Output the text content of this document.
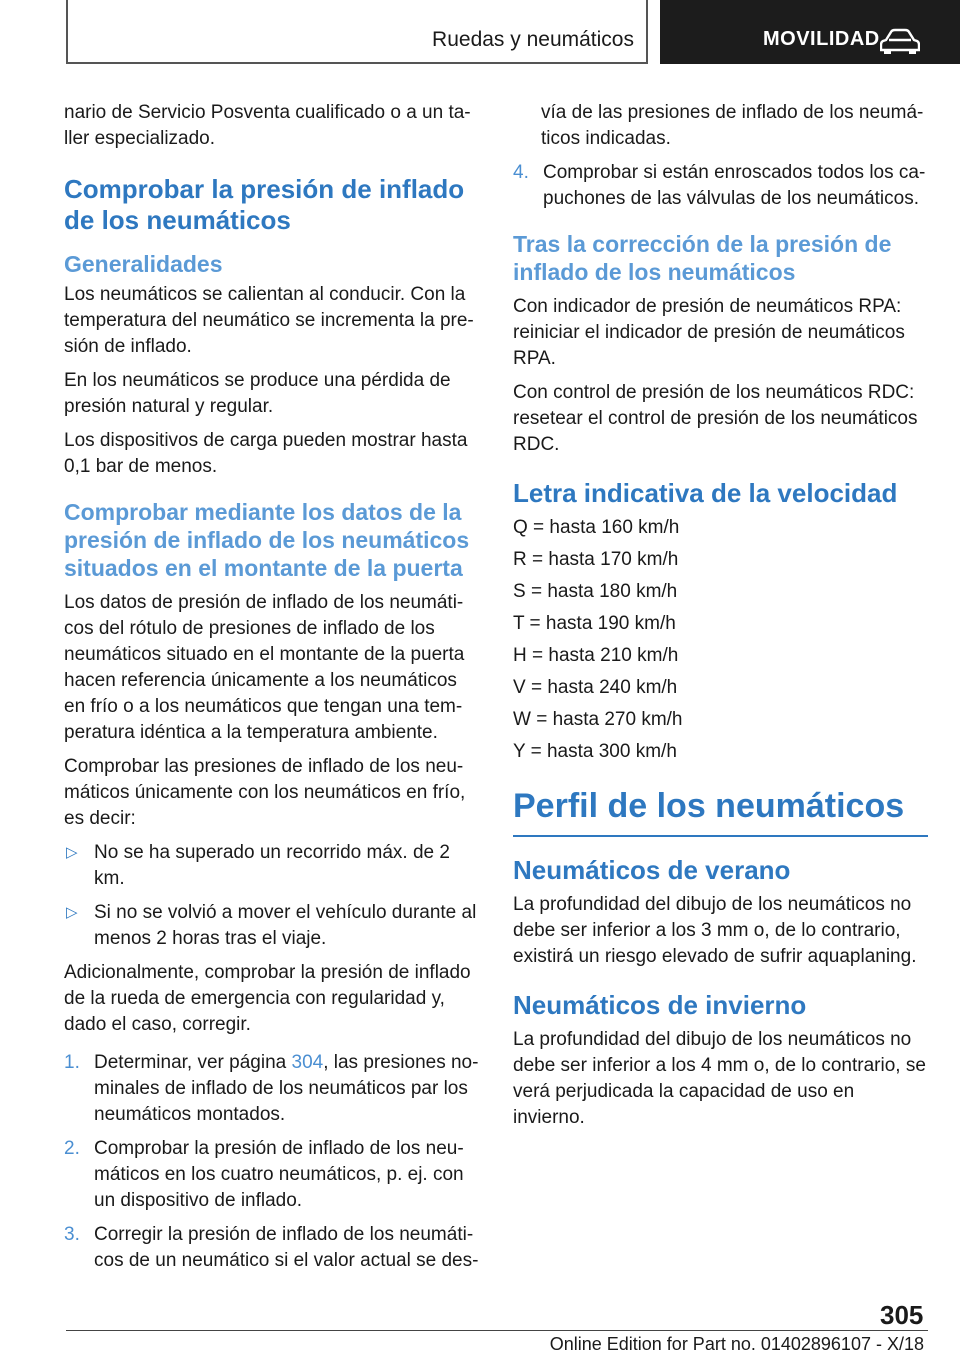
Ruedas y neumáticos	MOVILIDAD

nario de Servicio Posventa cualificado o a un ta-
ller especializado.

Comprobar la presión de inflado de los neumáticos
Generalidades

Los neumáticos se calientan al conducir. Con la temperatura del neumático se incrementa la pre-sión de inflado.

En los neumáticos se produce una pérdida de presión natural y regular.

Los dispositivos de carga pueden mostrar hasta 0,1 bar de menos.

Comprobar mediante los datos de la presión de inflado de los neumáticos situados en el montante de la puerta

Los datos de presión de inflado de los neumáti-cos del rótulo de presiones de inflado de los neumáticos situado en el montante de la puerta hacen referencia únicamente a los neumáticos en frío o a los neumáticos que tengan una tem-peratura idéntica a la temperatura ambiente.

Comprobar las presiones de inflado de los neu-máticos únicamente con los neumáticos en frío, es decir:

▷ No se ha superado un recorrido máx. de 2 km.

▷ Si no se volvió a mover el vehículo durante al menos 2 horas tras el viaje.

Adicionalmente, comprobar la presión de inflado de la rueda de emergencia con regularidad y, dado el caso, corregir.

1. Determinar, ver página 304, las presiones no-minales de inflado de los neumáticos par los neumáticos montados.

2. Comprobar la presión de inflado de los neu-máticos en los cuatro neumáticos, p. ej. con un dispositivo de inflado.

3. Corregir la presión de inflado de los neumáti-cos de un neumático si el valor actual se des-

vía de las presiones de inflado de los neumá-ticos indicadas.

4. Comprobar si están enroscados todos los ca-puchones de las válvulas de los neumáticos.

Tras la corrección de la presión de inflado de los neumáticos

Con indicador de presión de neumáticos RPA: reiniciar el indicador de presión de neumáticos RPA.

Con control de presión de los neumáticos RDC: resetear el control de presión de los neumáticos RDC.

Letra indicativa de la velocidad

Q = hasta 160 km/h

R = hasta 170 km/h

S = hasta 180 km/h

T = hasta 190 km/h

H = hasta 210 km/h

V = hasta 240 km/h

W = hasta 270 km/h

Y = hasta 300 km/h

Perfil de los neumáticos
Neumáticos de verano

La profundidad del dibujo de los neumáticos no debe ser inferior a los 3 mm o, de lo contrario, existirá un riesgo elevado de sufrir aquaplaning.

Neumáticos de invierno

La profundidad del dibujo de los neumáticos no debe ser inferior a los 4 mm o, de lo contrario, se verá perjudicada la capacidad de uso en invierno.

305
Online Edition for Part no. 01402896107 - X/18
